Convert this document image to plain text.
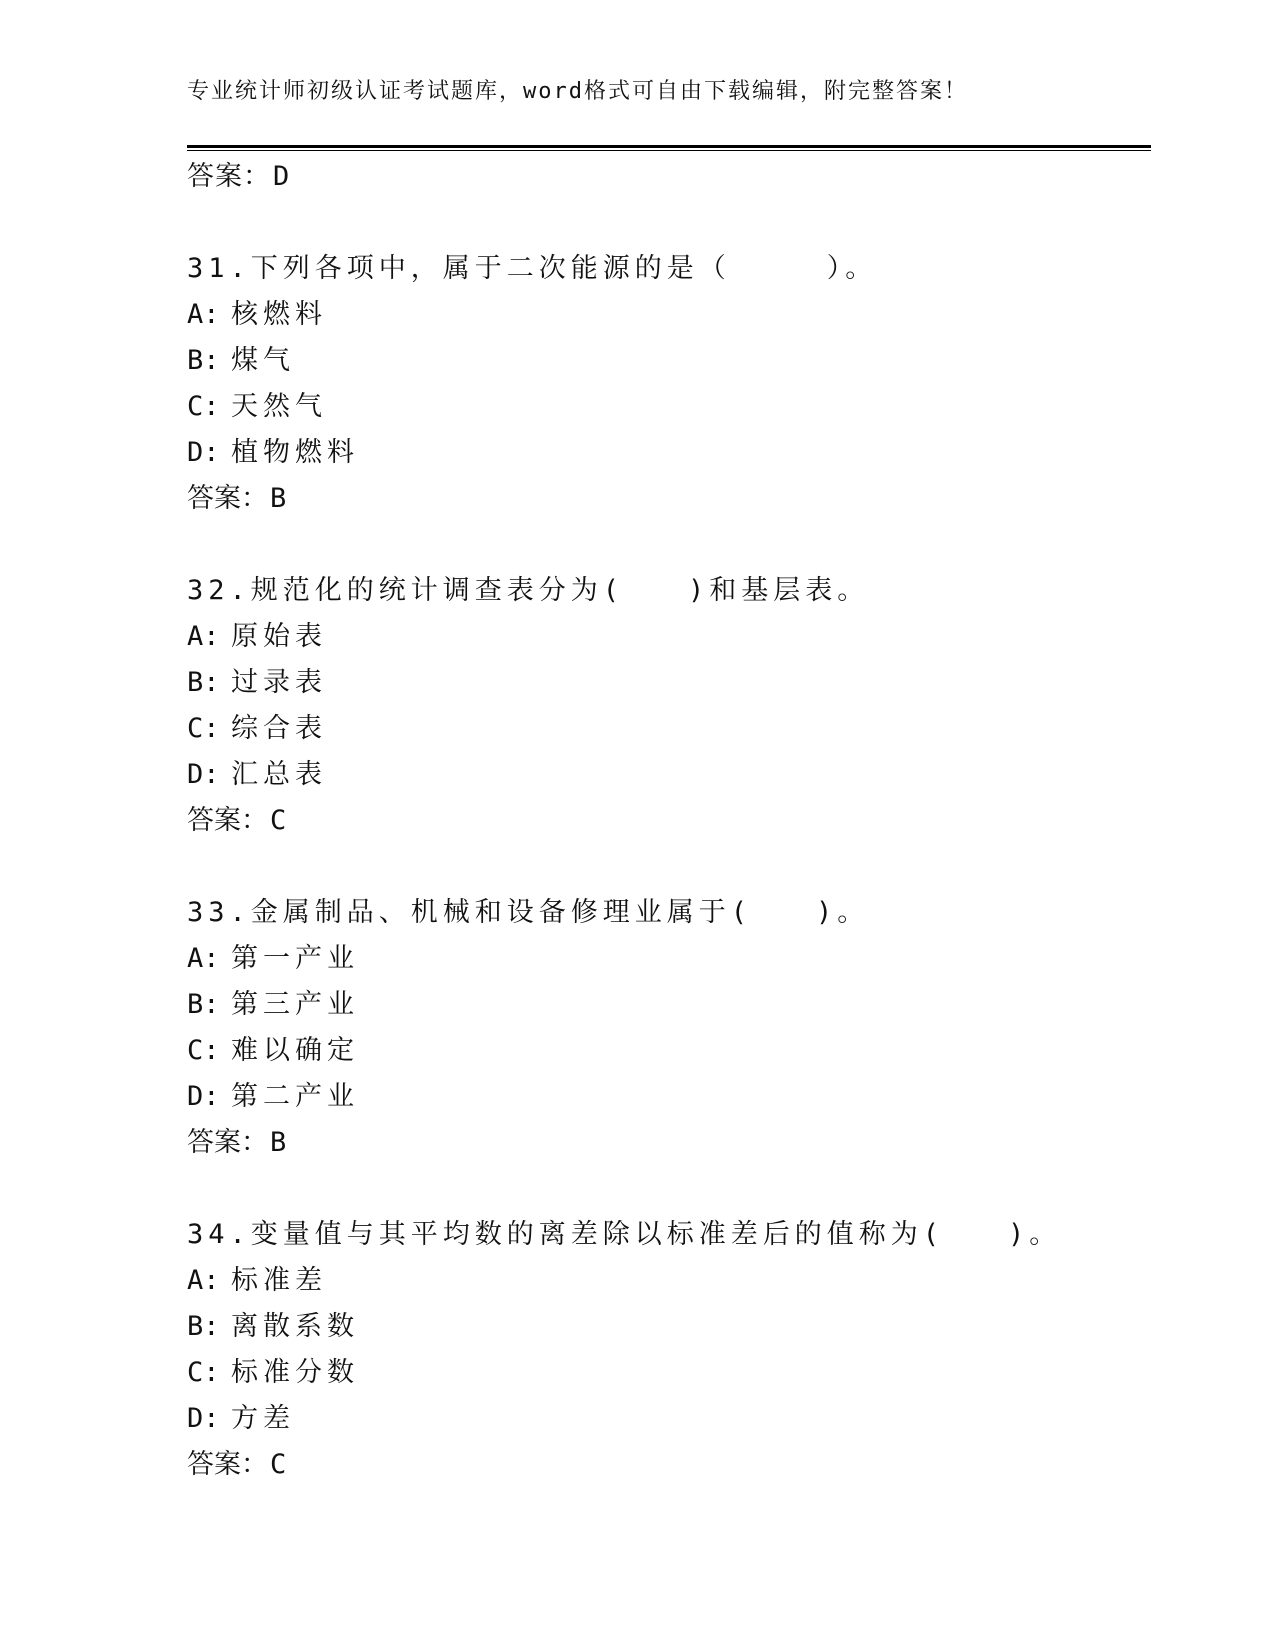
专业统计师初级认证考试题库，word格式可自由下载编辑，附完整答案！
答案：D
31.下列各项中，属于二次能源的是（　　　）。
A: 核燃料
B: 煤气
C: 天然气
D: 植物燃料
答案：B
32.规范化的统计调查表分为(　　)和基层表。
A: 原始表
B: 过录表
C: 综合表
D: 汇总表
答案：C
33.金属制品、机械和设备修理业属于(　　)。
A: 第一产业
B: 第三产业
C: 难以确定
D: 第二产业
答案：B
34.变量值与其平均数的离差除以标准差后的值称为(　　)。
A: 标准差
B: 离散系数
C: 标准分数
D: 方差
答案：C
